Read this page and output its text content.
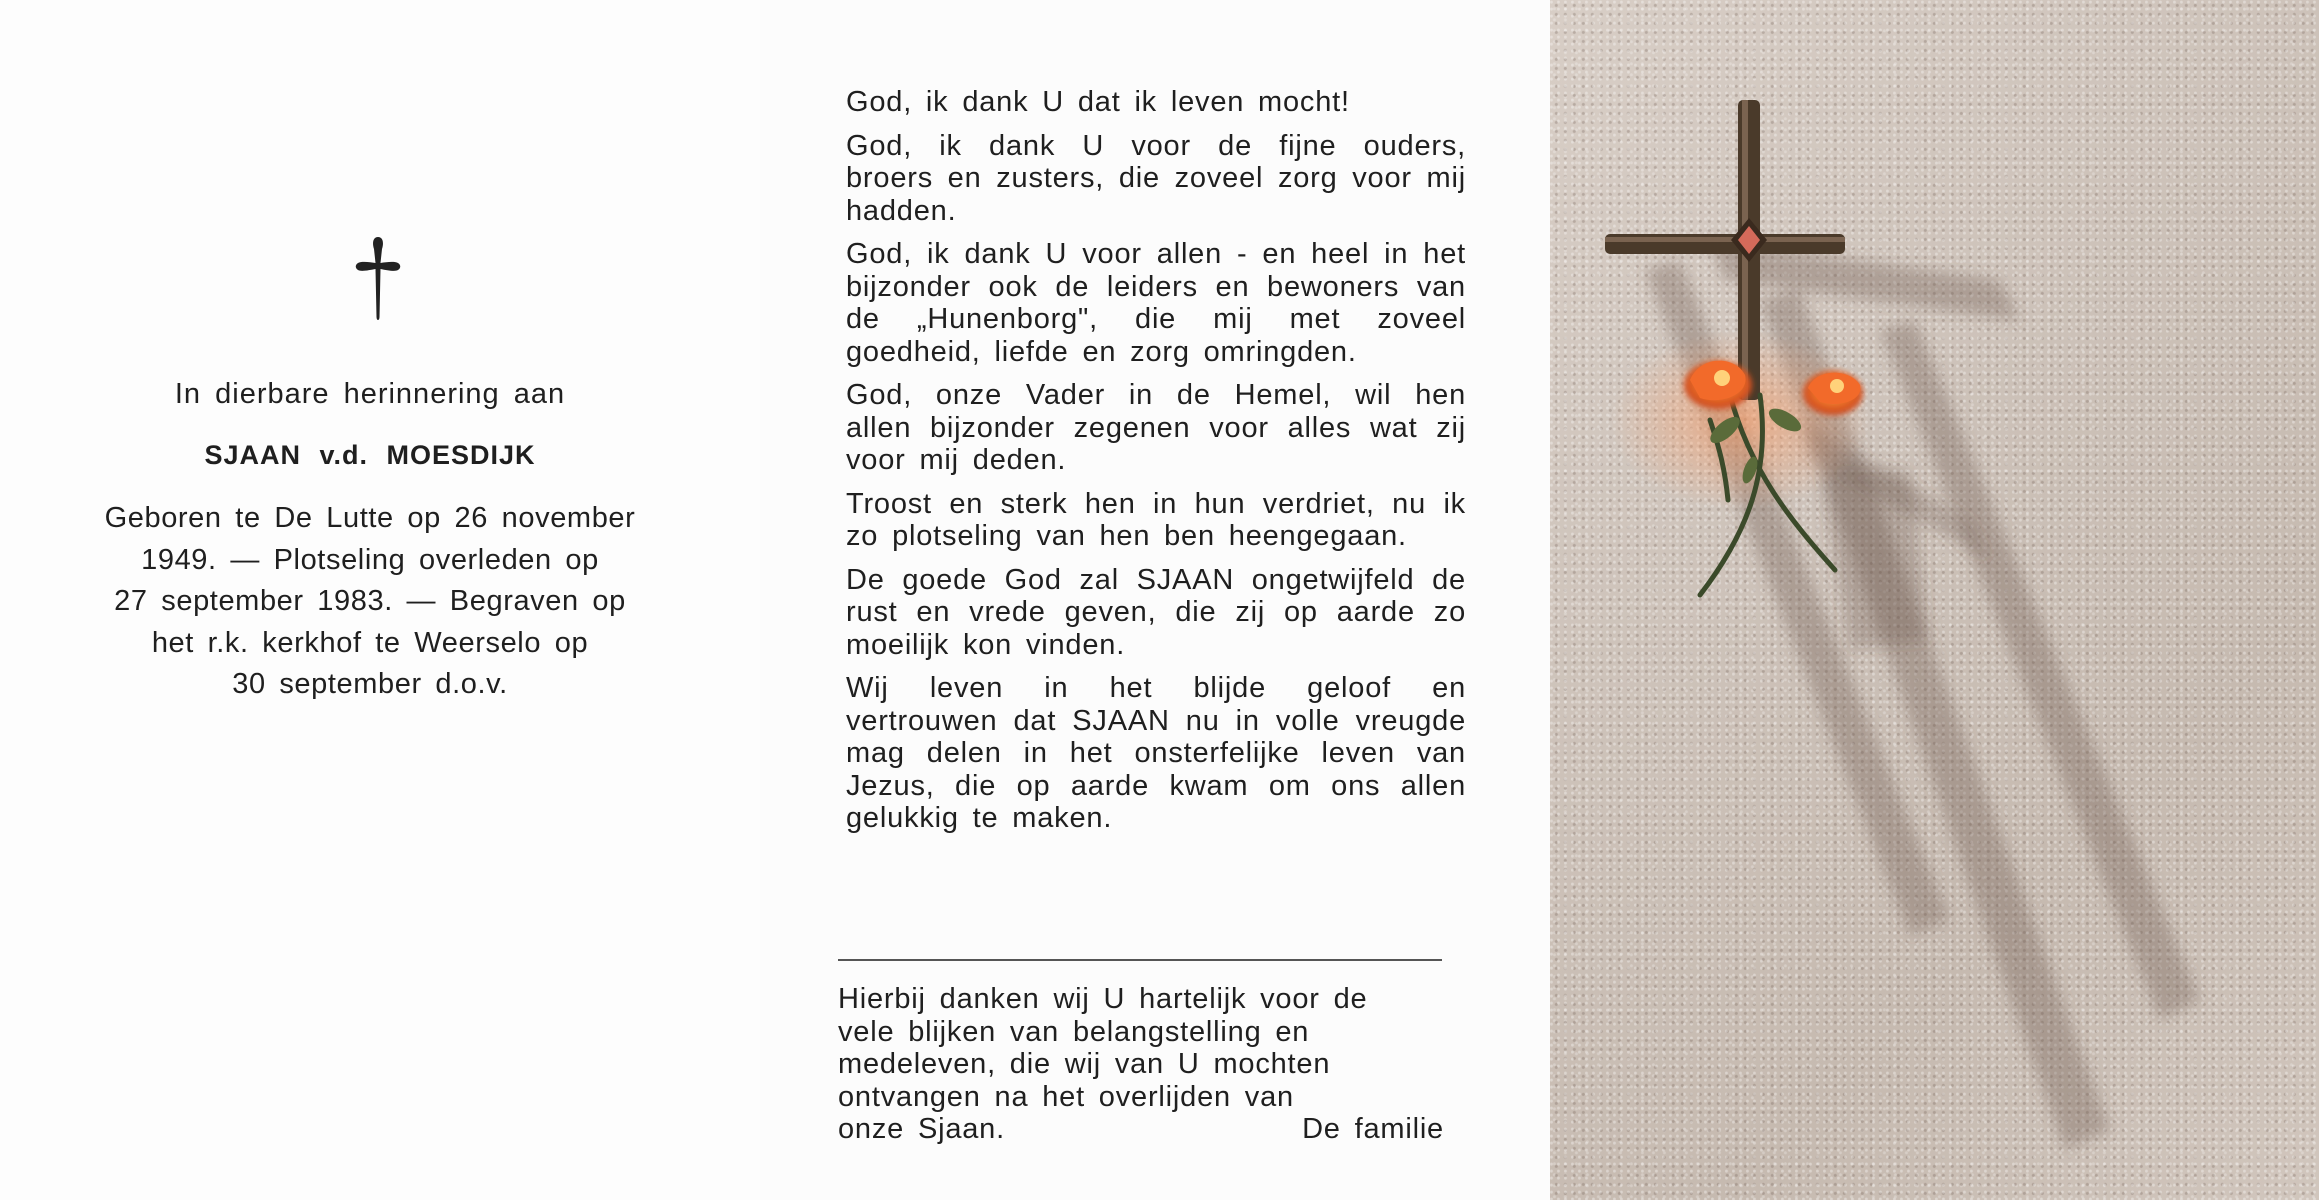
In dierbare herinnering aan
SJAAN v.d. MOESDIJK
Geboren te De Lutte op 26 november
1949. — Plotseling overleden op
27 september 1983. — Begraven op
het r.k. kerkhof te Weerselo op
30 september d.o.v.

God, ik dank U dat ik leven mocht!

God, ik dank U voor de fijne ouders, broers en zusters, die zoveel zorg voor mij hadden.

God, ik dank U voor allen - en heel in het bijzonder ook de leiders en bewoners van de „Hunenborg", die mij met zoveel goedheid, liefde en zorg omringden.

God, onze Vader in de Hemel, wil hen allen bijzonder zegenen voor alles wat zij voor mij deden.

Troost en sterk hen in hun verdriet, nu ik zo plotseling van hen ben heengegaan.

De goede God zal SJAAN ongetwijfeld de rust en vrede geven, die zij op aarde zo moeilijk kon vinden.

Wij leven in het blijde geloof en vertrouwen dat SJAAN nu in volle vreugde mag delen in het onsterfelijke leven van Jezus, die op aarde kwam om ons allen gelukkig te maken.

Hierbij danken wij U hartelijk voor de

vele blijken van belangstelling en

medeleven, die wij van U mochten

ontvangen na het overlijden van

onze Sjaan.	De familie
